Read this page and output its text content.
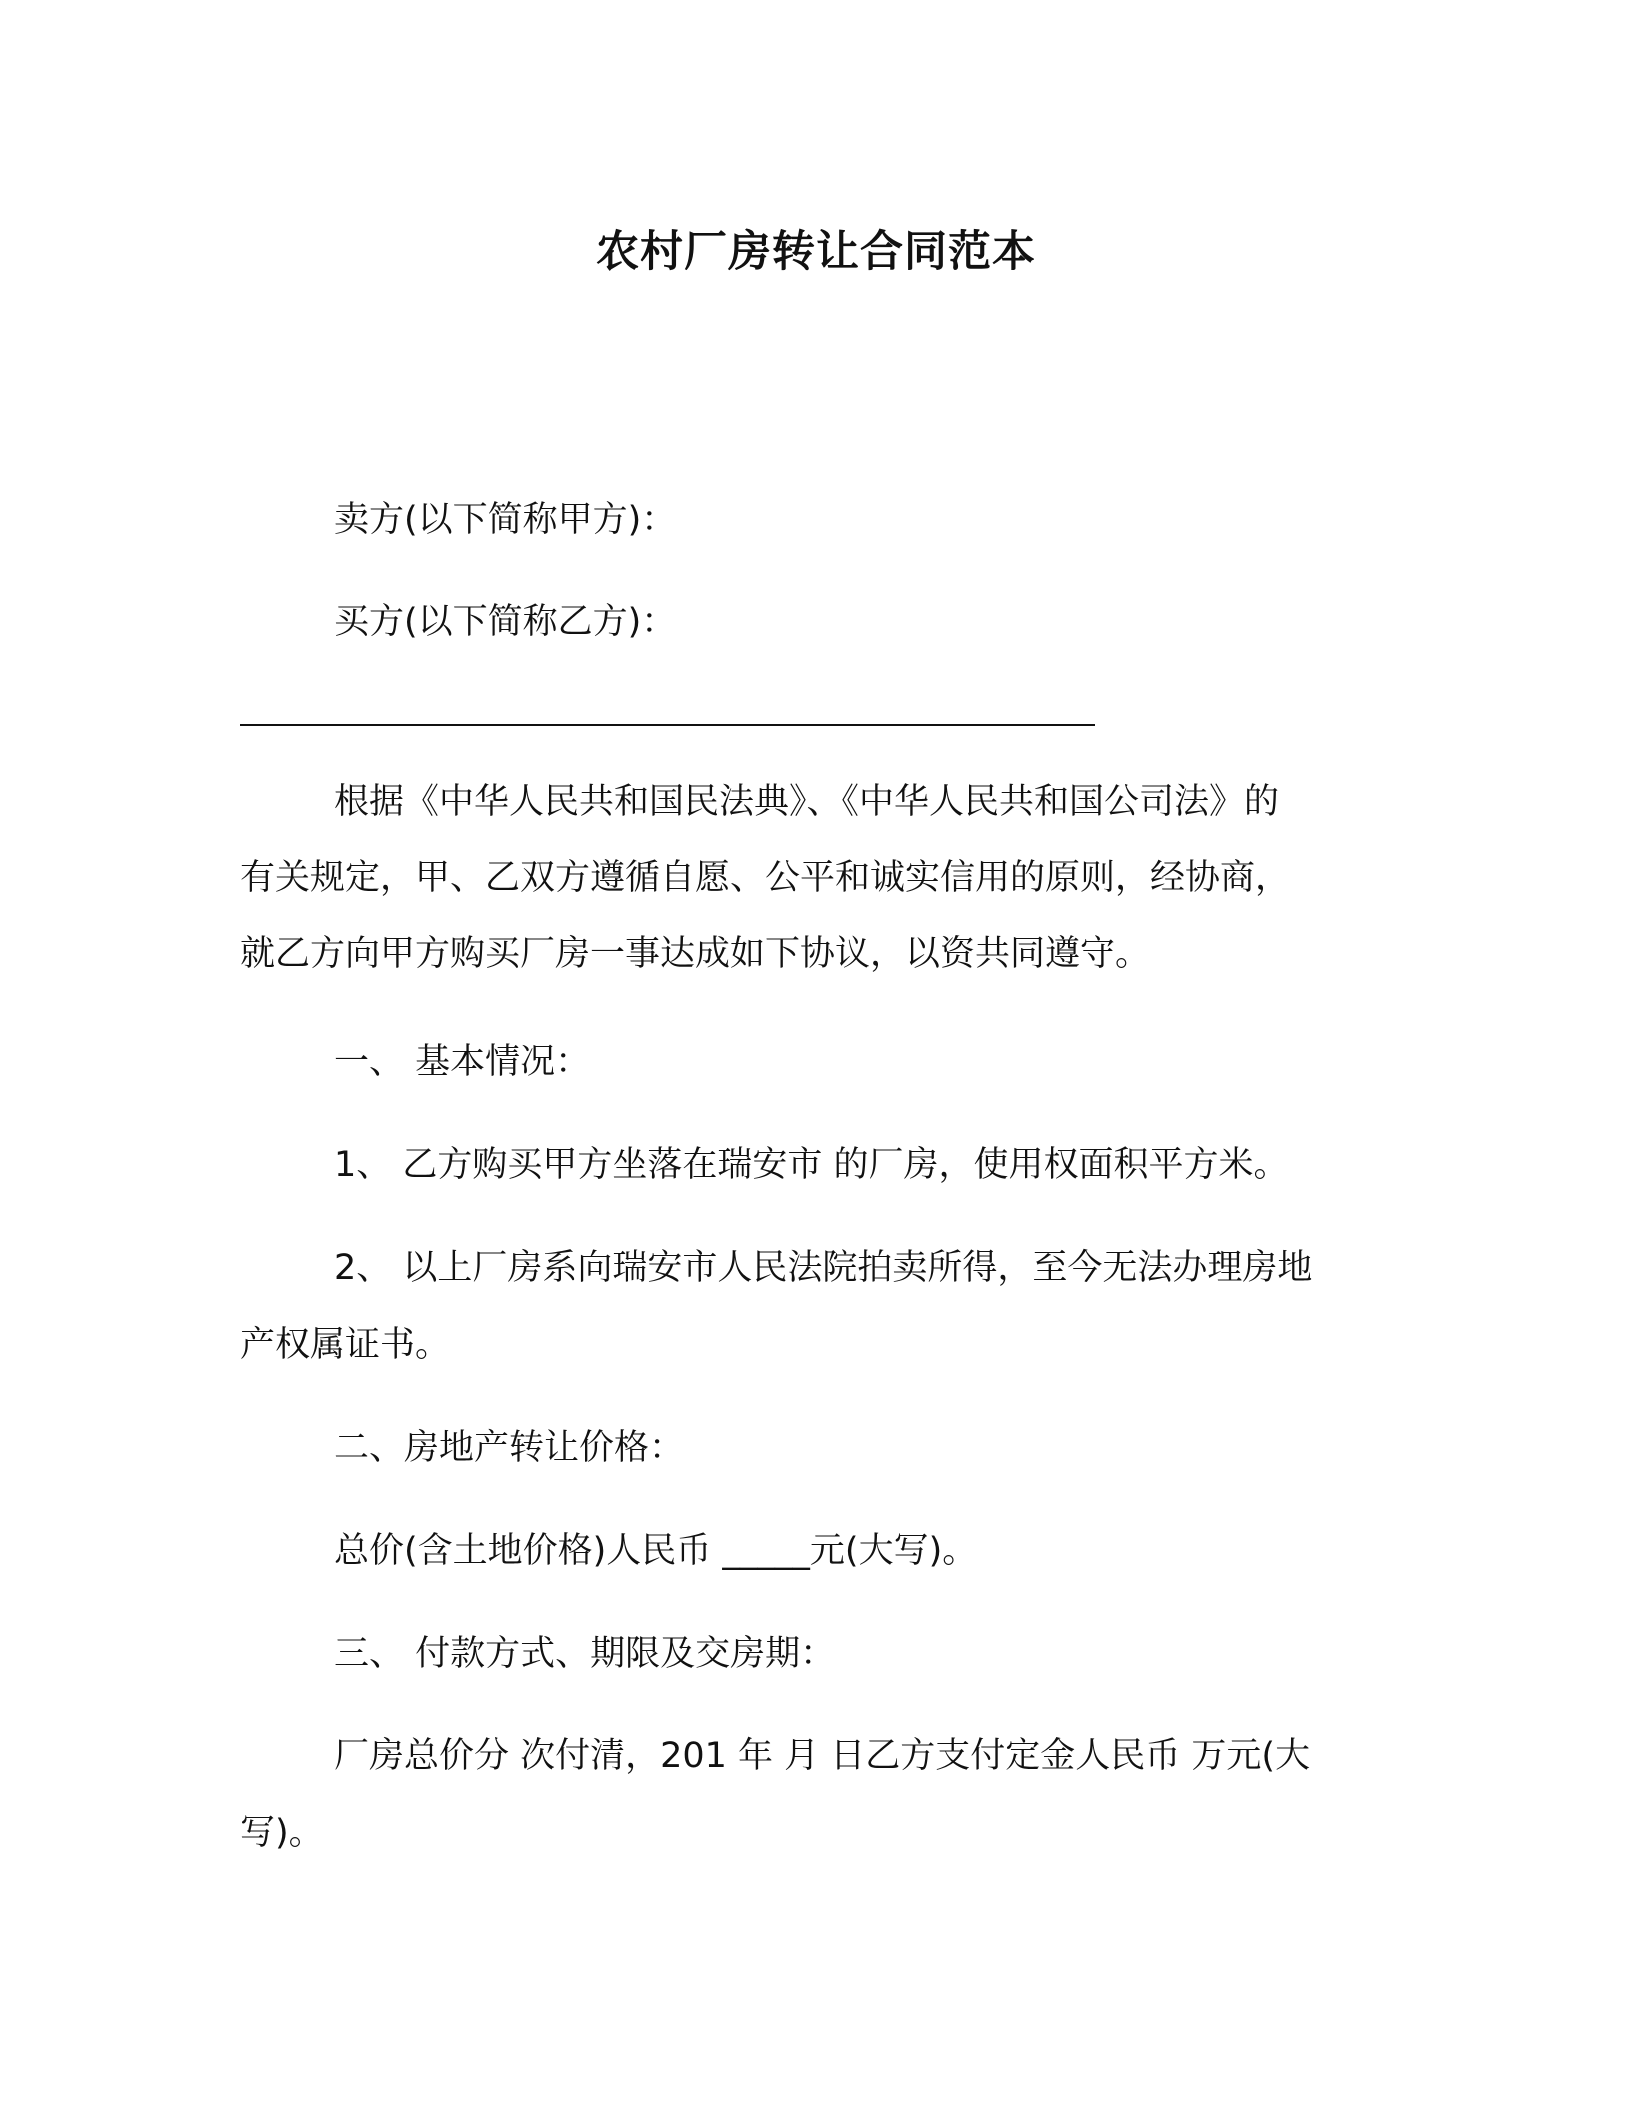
农村厂房转让合同范本
卖方(以下简称甲方)：
买方(以下简称乙方)：
根据《中华人民共和国民法典》、《中华人民共和国公司法》的
有关规定，甲、乙双方遵循自愿、公平和诚实信用的原则，经协商，
就乙方向甲方购买厂房一事达成如下协议，以资共同遵守。
一、 基本情况：
1、 乙方购买甲方坐落在瑞安市 的厂房，使用权面积平方米。
2、 以上厂房系向瑞安市人民法院拍卖所得，至今无法办理房地
产权属证书。
二、房地产转让价格：
总价(含土地价格)人民币 _____元(大写)。
三、 付款方式、期限及交房期：
厂房总价分 次付清，201 年 月 日乙方支付定金人民币 万元(大
写)。
